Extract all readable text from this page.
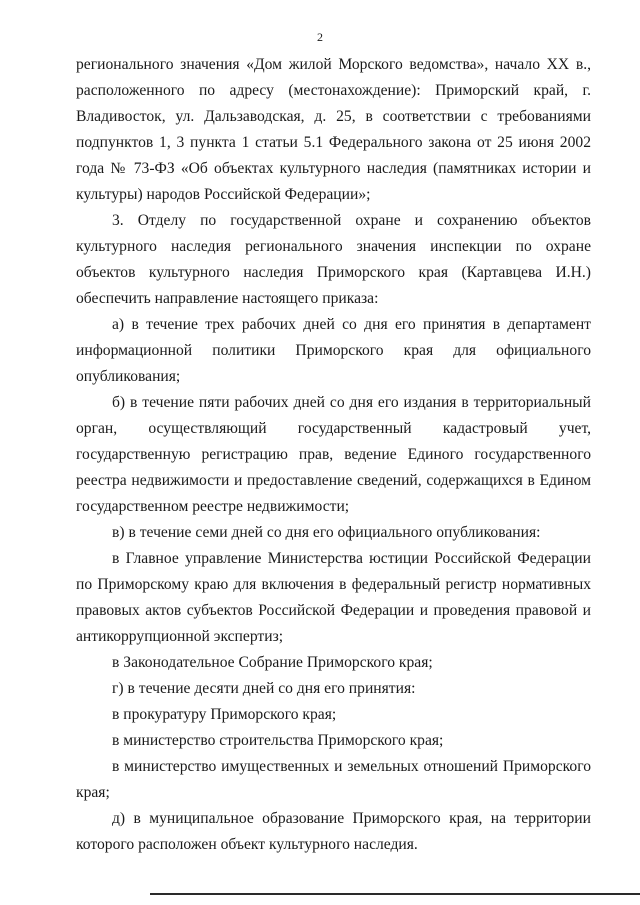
2

регионального значения «Дом жилой Морского ведомства», начало XX в., расположенного по адресу (местонахождение): Приморский край, г. Владивосток, ул. Дальзаводская, д. 25, в соответствии с требованиями подпунктов 1, 3 пункта 1 статьи 5.1 Федерального закона от 25 июня 2002 года № 73-ФЗ «Об объектах культурного наследия (памятниках истории и культуры) народов Российской Федерации»;

3. Отделу по государственной охране и сохранению объектов культурного наследия регионального значения инспекции по охране объектов культурного наследия Приморского края (Картавцева И.Н.) обеспечить направление настоящего приказа:

а) в течение трех рабочих дней со дня его принятия в департамент информационной политики Приморского края для официального опубликования;

б) в течение пяти рабочих дней со дня его издания в территориальный орган, осуществляющий государственный кадастровый учет, государственную регистрацию прав, ведение Единого государственного реестра недвижимости и предоставление сведений, содержащихся в Едином государственном реестре недвижимости;

в) в течение семи дней со дня его официального опубликования:

в Главное управление Министерства юстиции Российской Федерации по Приморскому краю для включения в федеральный регистр нормативных правовых актов субъектов Российской Федерации и проведения правовой и антикоррупционной экспертиз;

в Законодательное Собрание Приморского края;

г) в течение десяти дней со дня его принятия:

в прокуратуру Приморского края;

в министерство строительства Приморского края;

в министерство имущественных и земельных отношений Приморского края;

д) в муниципальное образование Приморского края, на территории которого расположен объект культурного наследия.
